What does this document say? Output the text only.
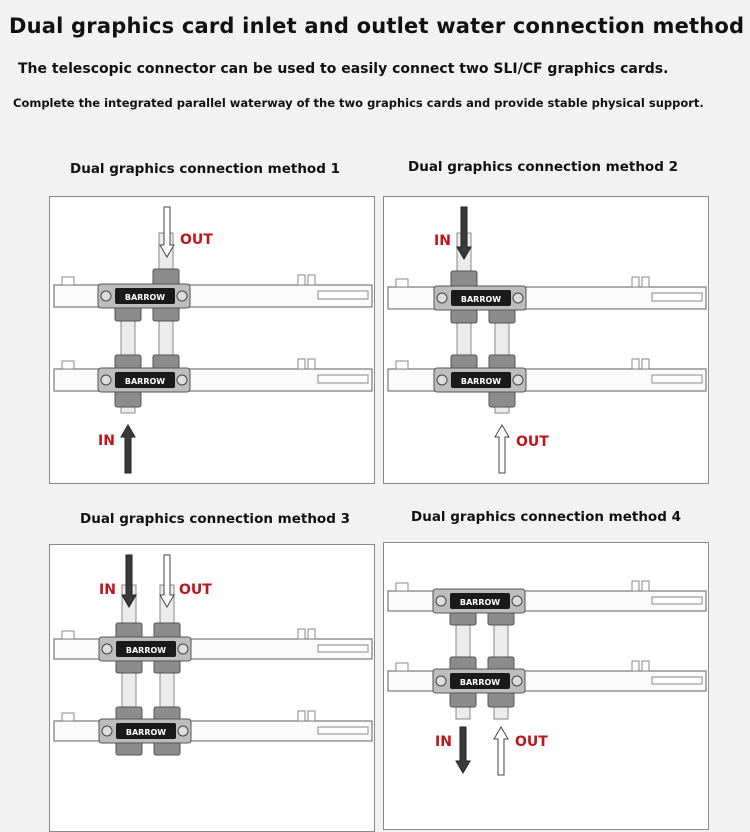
Dual graphics card inlet and outlet water connection method
The telescopic connector can be used to easily connect two SLI/CF graphics cards.
Complete the integrated parallel waterway of the two graphics cards and provide stable physical support.
Dual graphics connection method 1	Dual graphics connection method 2
Dual graphics connection method 3	Dual graphics connection method 4
BARROW
BARROW
OUT
IN
BARROW
BARROW
IN
OUT
BARROW
BARROW
IN	OUT
BARROW
BARROW
IN	OUT
